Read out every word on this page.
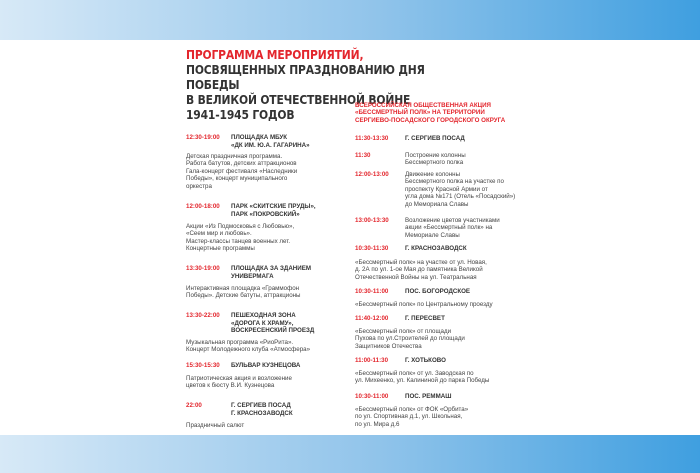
ПРОГРАММА МЕРОПРИЯТИЙ,
ПОСВЯЩЕННЫХ ПРАЗДНОВАНИЮ ДНЯ ПОБЕДЫ
В ВЕЛИКОЙ ОТЕЧЕСТВЕННОЙ ВОЙНЕ
1941-1945 ГОДОВ
ВСЕРОССИЙСКАЯ ОБЩЕСТВЕННАЯ АКЦИЯ
«БЕССМЕРТНЫЙ ПОЛК» НА ТЕРРИТОРИИ
СЕРГИЕВО-ПОСАДСКОГО ГОРОДСКОГО ОКРУГА
12:30-19:00 ПЛОЩАДКА МБУК
«ДК ИМ. Ю.А. ГАГАРИНА»
Детская праздничная программа.
Работа батутов, детских аттракционов
Гала-концерт фестиваля «Наследники
Победы», концерт муниципального
оркестра
12:00-18:00 ПАРК «СКИТСКИЕ ПРУДЫ»,
ПАРК «ПОКРОВСКИЙ»
Акции «Из Подмосковья с Любовью»,
«Сеем мир и любовь».
Мастер-классы танцев военных лет.
Концертные программы
13:30-19:00 ПЛОЩАДКА ЗА ЗДАНИЕМ
УНИВЕРМАГА
Интерактивная площадка «Граммофон
Победы». Детские батуты, аттракционы
13:30-22:00 ПЕШЕХОДНАЯ ЗОНА
«ДОРОГА К ХРАМУ»,
ВОСКРЕСЕНСКИЙ ПРОЕЗД
Музыкальная программа «РиоРита».
Концерт Молодежного клуба «Атмосфера»
15:30-15:30 БУЛЬВАР КУЗНЕЦОВА
Патриотическая акция и возложение
цветов к бюсту В.И. Кузнецова
22:00	Г. СЕРГИЕВ ПОСАД
Г. КРАСНОЗАВОДСК
Праздничный салют
11:30-13:30	Г. СЕРГИЕВ ПОСАД
11:30	Построение колонны
Бессмертного полка
12:00-13:00	Движение колонны
Бессмертного полка на участке по
проспекту Красной Армии от
угла дома №171 (Отель «Посадский»)
до Мемориала Славы
13:00-13:30	Возложение цветов участниками
акции «Бессмертный полк» на
Мемориале Славы
10:30-11:30	Г. КРАСНОЗАВОДСК
«Бессмертный полк» на участке от ул. Новая,
д. 2А по ул. 1-ое Мая до памятника Великой
Отечественной Войны на ул. Театральная
10:30-11:00	ПОС. БОГОРОДСКОЕ
«Бессмертный полк» по Центральному проезду
11:40-12:00	Г. ПЕРЕСВЕТ
«Бессмертный полк» от площади
Пухова по ул.Строителей до площади
Защитников Отечества
11:00-11:30	Г. ХОТЬКОВО
«Бессмертный полк» от ул. Заводская по
ул. Михеенко, ул. Калининой до парка Победы
10:30-11:00	ПОС. РЕММАШ
«Бессмертный полк» от ФОК «Орбита»
по ул. Спортивная д.1, ул. Школьная,
по ул. Мира д.6
